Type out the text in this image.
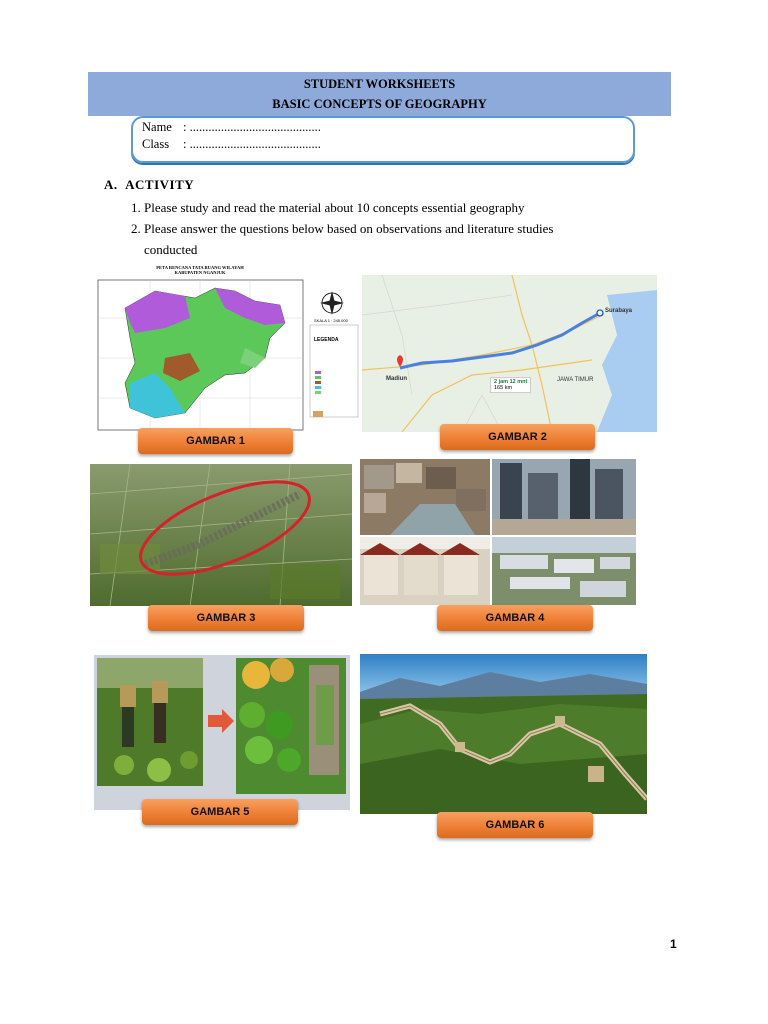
STUDENT WORKSHEETS
BASIC CONCEPTS OF GEOGRAPHY
Name : ..........................................
Class : ..........................................
A. ACTIVITY
1. Please study and read the material about 10 concepts essential geography
2. Please answer the questions below based on observations and literature studies
conducted
PETA RENCANA TATA RUANG WILAYAH
KABUPATEN NGANJUK
SKALA 1 : 245.000
LEGENDA
GAMBAR 1
Madiun
Surabaya
JAWA TIMUR
2 jam 12 mnt
165 km
GAMBAR 2
GAMBAR 3	GAMBAR 4
GAMBAR 5
GAMBAR 6
1
